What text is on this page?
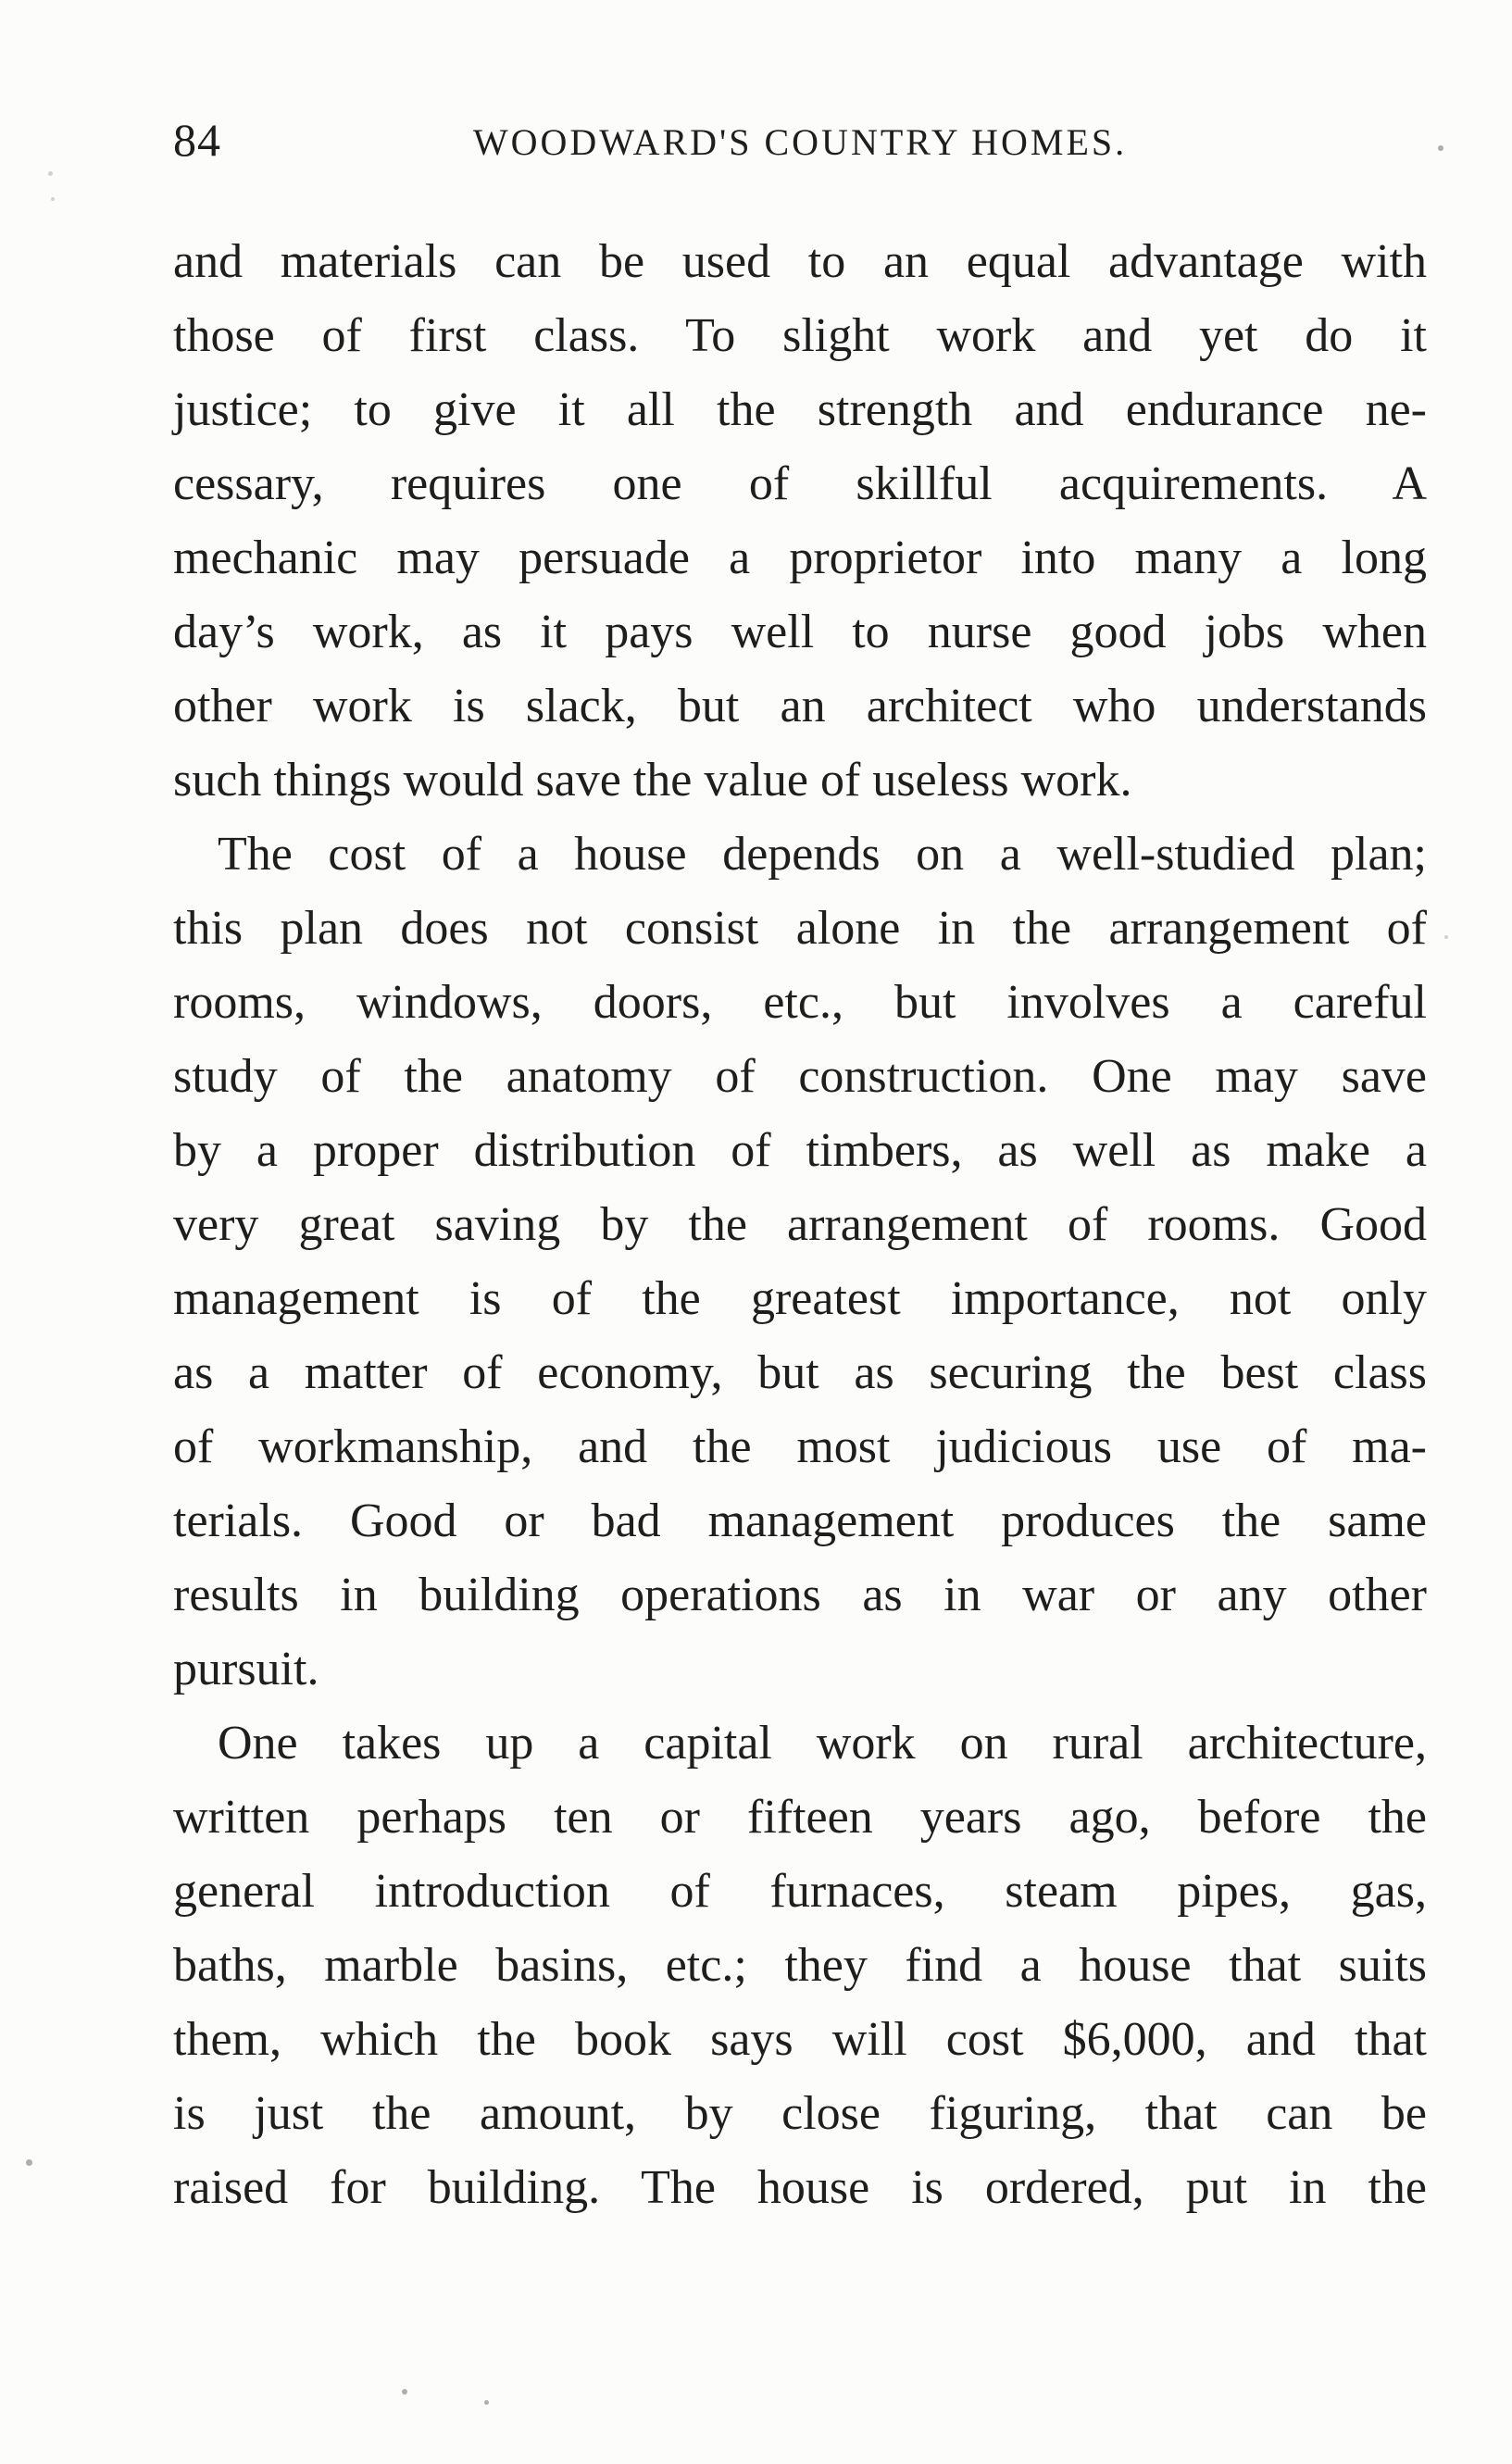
84	WOODWARD'S COUNTRY HOMES.
and materials can be used to an equal advantage with
those of first class. To slight work and yet do it
justice; to give it all the strength and endurance ne-
cessary, requires one of skillful acquirements. A
mechanic may persuade a proprietor into many a long
day’s work, as it pays well to nurse good jobs when
other work is slack, but an architect who understands
such things would save the value of useless work.
The cost of a house depends on a well-studied plan;
this plan does not consist alone in the arrangement of
rooms, windows, doors, etc., but involves a careful
study of the anatomy of construction. One may save
by a proper distribution of timbers, as well as make a
very great saving by the arrangement of rooms. Good
management is of the greatest importance, not only
as a matter of economy, but as securing the best class
of workmanship, and the most judicious use of ma-
terials. Good or bad management produces the same
results in building operations as in war or any other
pursuit.
One takes up a capital work on rural architecture,
written perhaps ten or fifteen years ago, before the
general introduction of furnaces, steam pipes, gas,
baths, marble basins, etc.; they find a house that suits
them, which the book says will cost $6,000, and that
is just the amount, by close figuring, that can be
raised for building. The house is ordered, put in the
